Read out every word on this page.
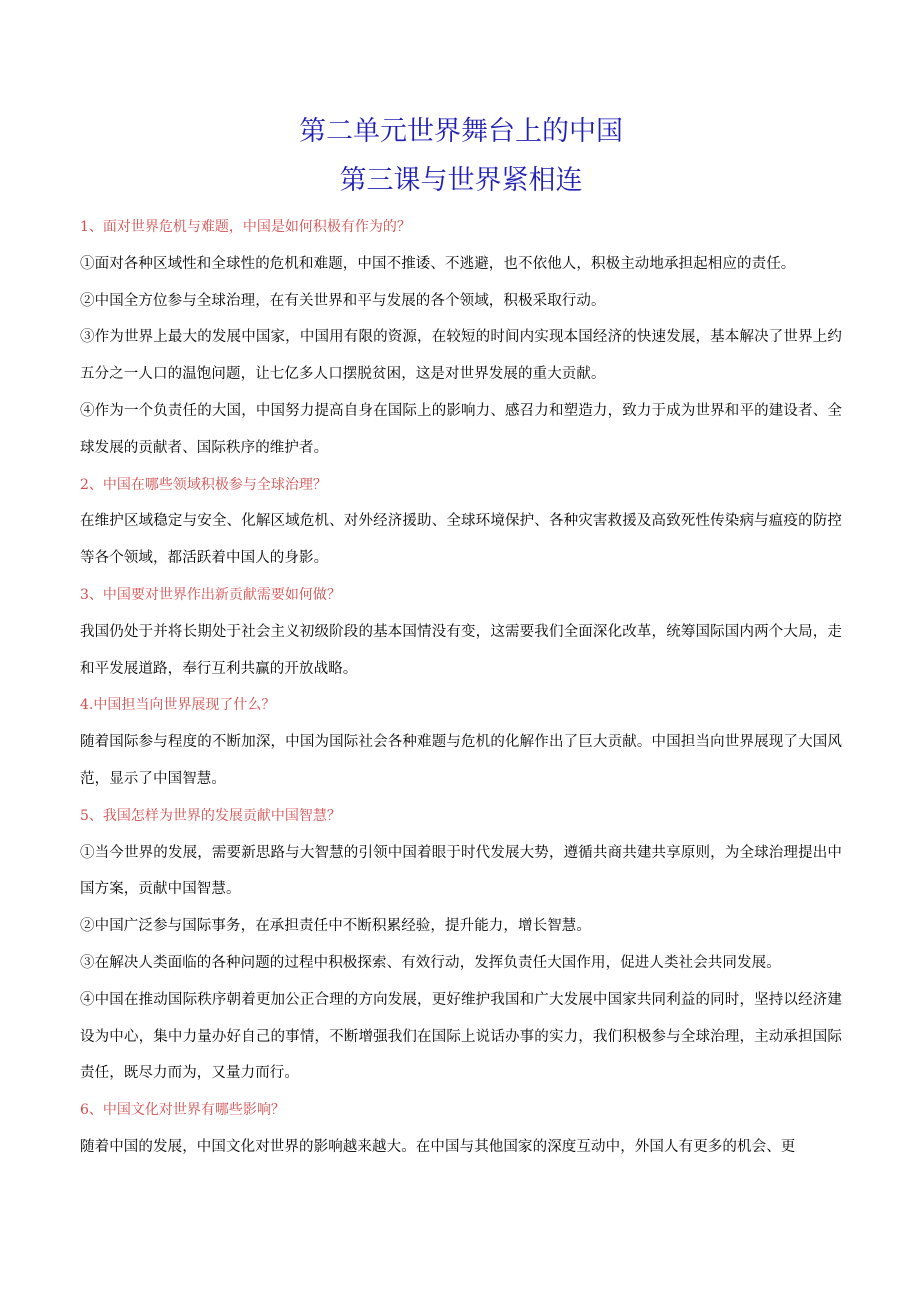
第二单元世界舞台上的中国
第三课与世界紧相连

1、面对世界危机与难题，中国是如何积极有作为的？

①面对各种区域性和全球性的危机和难题，中国不推诿、不逃避，也不依他人，积极主动地承担起相应的责任。

②中国全方位参与全球治理，在有关世界和平与发展的各个领域，积极采取行动。

③作为世界上最大的发展中国家，中国用有限的资源，在较短的时间内实现本国经济的快速发展，基本解决了世界上约五分之一人口的温饱问题，让七亿多人口摆脱贫困，这是对世界发展的重大贡献。

④作为一个负责任的大国，中国努力提高自身在国际上的影响力、感召力和塑造力，致力于成为世界和平的建设者、全球发展的贡献者、国际秩序的维护者。

2、中国在哪些领域积极参与全球治理？

在维护区域稳定与安全、化解区域危机、对外经济援助、全球环境保护、各种灾害救援及高致死性传染病与瘟疫的防控等各个领域，都活跃着中国人的身影。

3、中国要对世界作出新贡献需要如何做？

我国仍处于并将长期处于社会主义初级阶段的基本国情没有变，这需要我们全面深化改革，统筹国际国内两个大局，走和平发展道路，奉行互利共赢的开放战略。

4.中国担当向世界展现了什么？

随着国际参与程度的不断加深，中国为国际社会各种难题与危机的化解作出了巨大贡献。中国担当向世界展现了大国风范，显示了中国智慧。

5、我国怎样为世界的发展贡献中国智慧？

①当今世界的发展，需要新思路与大智慧的引领中国着眼于时代发展大势，遵循共商共建共享原则，为全球治理提出中国方案，贡献中国智慧。

②中国广泛参与国际事务，在承担责任中不断积累经验，提升能力，增长智慧。

③在解决人类面临的各种问题的过程中积极探索、有效行动，发挥负责任大国作用，促进人类社会共同发展。

④中国在推动国际秩序朝着更加公正合理的方向发展，更好维护我国和广大发展中国家共同利益的同时，坚持以经济建设为中心，集中力量办好自己的事情，不断增强我们在国际上说话办事的实力，我们积极参与全球治理，主动承担国际责任，既尽力而为，又量力而行。

6、中国文化对世界有哪些影响？

随着中国的发展，中国文化对世界的影响越来越大。在中国与其他国家的深度互动中，外国人有更多的机会、更
